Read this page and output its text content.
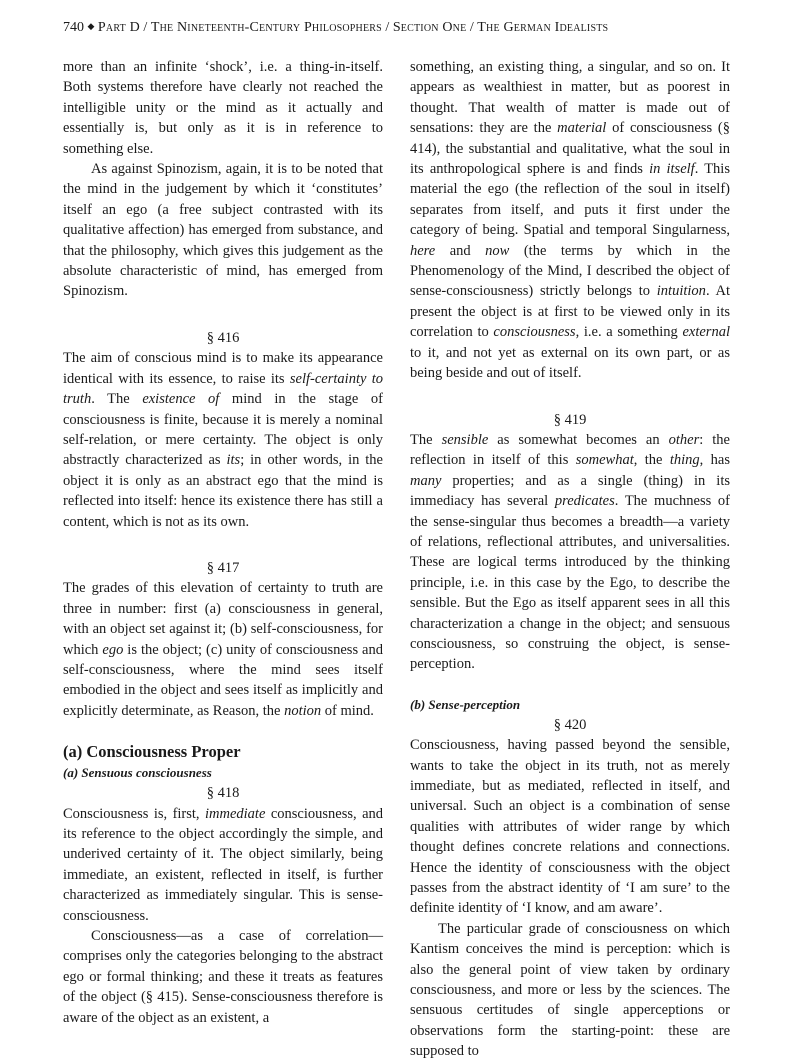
740 ◆ Part D / The Nineteenth-Century Philosophers / Section One / The German Idealists

more than an infinite ‘shock’, i.e. a thing-in-itself. Both systems therefore have clearly not reached the intelligible unity or the mind as it actually and essentially is, but only as it is in reference to something else.

As against Spinozism, again, it is to be noted that the mind in the judgement by which it ‘constitutes’ itself an ego (a free subject contrasted with its qualitative affection) has emerged from substance, and that the philosophy, which gives this judgement as the absolute characteristic of mind, has emerged from Spinozism.

§ 416

The aim of conscious mind is to make its appearance identical with its essence, to raise its self-certainty to truth. The existence of mind in the stage of consciousness is finite, because it is merely a nominal self-relation, or mere certainty. The object is only abstractly characterized as its; in other words, in the object it is only as an abstract ego that the mind is reflected into itself: hence its existence there has still a content, which is not as its own.

§ 417

The grades of this elevation of certainty to truth are three in number: first (a) consciousness in general, with an object set against it; (b) self-consciousness, for which ego is the object; (c) unity of consciousness and self-consciousness, where the mind sees itself embodied in the object and sees itself as implicitly and explicitly determinate, as Reason, the notion of mind.

(a) Consciousness Proper

(a) Sensuous consciousness

§ 418

Consciousness is, first, immediate consciousness, and its reference to the object accordingly the simple, and underived certainty of it. The object similarly, being immediate, an existent, reflected in itself, is further characterized as immediately singular. This is sense-consciousness.

Consciousness—as a case of correlation—comprises only the categories belonging to the abstract ego or formal thinking; and these it treats as features of the object (§ 415). Sense-consciousness therefore is aware of the object as an existent, a

something, an existing thing, a singular, and so on. It appears as wealthiest in matter, but as poorest in thought. That wealth of matter is made out of sensations: they are the material of consciousness (§ 414), the substantial and qualitative, what the soul in its anthropological sphere is and finds in itself. This material the ego (the reflection of the soul in itself) separates from itself, and puts it first under the category of being. Spatial and temporal Singularness, here and now (the terms by which in the Phenomenology of the Mind, I described the object of sense-consciousness) strictly belongs to intuition. At present the object is at first to be viewed only in its correlation to consciousness, i.e. a something external to it, and not yet as external on its own part, or as being beside and out of itself.

§ 419

The sensible as somewhat becomes an other: the reflection in itself of this somewhat, the thing, has many properties; and as a single (thing) in its immediacy has several predicates. The muchness of the sense-singular thus becomes a breadth—a variety of relations, reflectional attributes, and universalities. These are logical terms introduced by the thinking principle, i.e. in this case by the Ego, to describe the sensible. But the Ego as itself apparent sees in all this characterization a change in the object; and sensuous consciousness, so construing the object, is sense-perception.

(b) Sense-perception

§ 420

Consciousness, having passed beyond the sensible, wants to take the object in its truth, not as merely immediate, but as mediated, reflected in itself, and universal. Such an object is a combination of sense qualities with attributes of wider range by which thought defines concrete relations and connections. Hence the identity of consciousness with the object passes from the abstract identity of ‘I am sure’ to the definite identity of ‘I know, and am aware’.

The particular grade of consciousness on which Kantism conceives the mind is perception: which is also the general point of view taken by ordinary consciousness, and more or less by the sciences. The sensuous certitudes of single apperceptions or observations form the starting-point: these are supposed to
